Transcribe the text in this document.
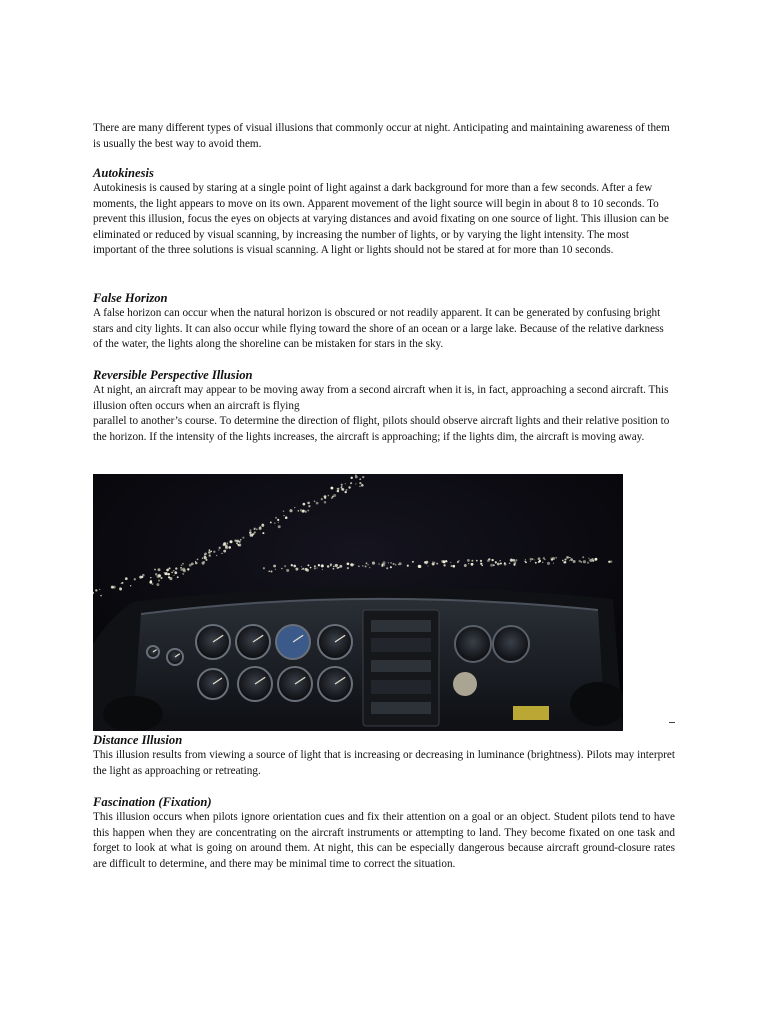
There are many different types of visual illusions that commonly occur at night. Anticipating and maintaining awareness of them is usually the best way to avoid them.

Autokinesis

Autokinesis is caused by staring at a single point of light against a dark background for more than a few seconds. After a few moments, the light appears to move on its own. Apparent movement of the light source will begin in about 8 to 10 seconds. To prevent this illusion, focus the eyes on objects at varying distances and avoid fixating on one source of light. This illusion can be eliminated or reduced by visual scanning, by increasing the number of lights, or by varying the light intensity. The most important of the three solutions is visual scanning. A light or lights should not be stared at for more than 10 seconds.

False Horizon

A false horizon can occur when the natural horizon is obscured or not readily apparent. It can be generated by confusing bright stars and city lights. It can also occur while flying toward the shore of an ocean or a large lake. Because of the relative darkness of the water, the lights along the shoreline can be mistaken for stars in the sky.

Reversible Perspective Illusion

At night, an aircraft may appear to be moving away from a second aircraft when it is, in fact, approaching a second aircraft. This illusion often occurs when an aircraft is flying

parallel to another’s course. To determine the direction of flight, pilots should observe aircraft lights and their relative position to the horizon. If the intensity of the lights increases, the aircraft is approaching; if the lights dim, the aircraft is moving away.

Distance Illusion

This illusion results from viewing a source of light that is increasing or decreasing in luminance (brightness). Pilots may interpret the light as approaching or retreating.

Fascination (Fixation)

This illusion occurs when pilots ignore orientation cues and fix their attention on a goal or an object. Student pilots tend to have this happen when they are concentrating on the aircraft instruments or attempting to land. They become fixated on one task and forget to look at what is going on around them. At night, this can be especially dangerous because aircraft ground-closure rates are difficult to determine, and there may be minimal time to correct the situation.
